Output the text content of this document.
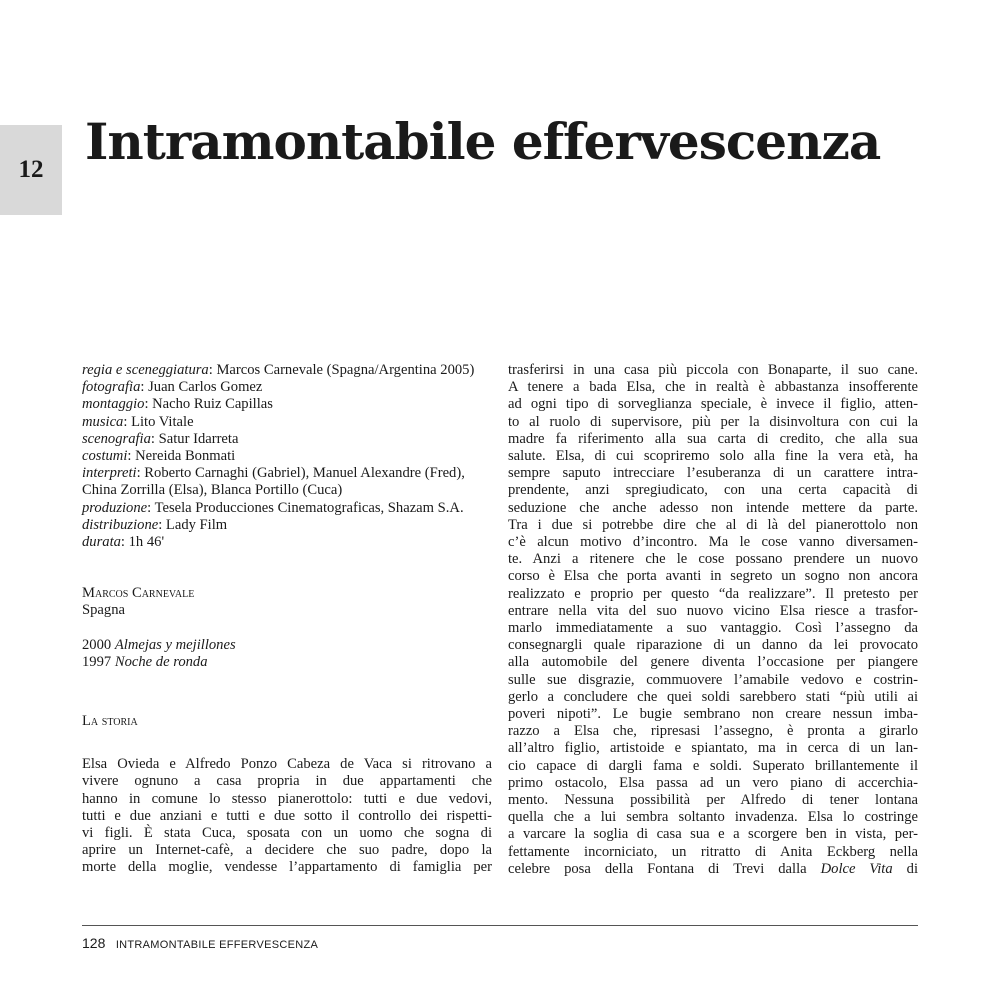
12 Intramontabile effervescenza
regia e sceneggiatura: Marcos Carnevale (Spagna/Argentina 2005)
fotografia: Juan Carlos Gomez
montaggio: Nacho Ruiz Capillas
musica: Lito Vitale
scenografia: Satur Idarreta
costumi: Nereida Bonmati
interpreti: Roberto Carnaghi (Gabriel), Manuel Alexandre (Fred),
China Zorrilla (Elsa), Blanca Portillo (Cuca)
produzione: Tesela Producciones Cinematograficas, Shazam S.A.
distribuzione: Lady Film
durata: 1h 46'
Marcos Carnevale
Spagna
2000 Almejas y mejillones
1997 Noche de ronda
La storia
Elsa Ovieda e Alfredo Ponzo Cabeza de Vaca si ritrovano a
vivere ognuno a casa propria in due appartamenti che
hanno in comune lo stesso pianerottolo: tutti e due vedovi,
tutti e due anziani e tutti e due sotto il controllo dei rispetti-
vi figli. È stata Cuca, sposata con un uomo che sogna di
aprire un Internet-cafè, a decidere che suo padre, dopo la
morte della moglie, vendesse l’appartamento di famiglia per
trasferirsi in una casa più piccola con Bonaparte, il suo cane.
A tenere a bada Elsa, che in realtà è abbastanza insofferente
ad ogni tipo di sorveglianza speciale, è invece il figlio, atten-
to al ruolo di supervisore, più per la disinvoltura con cui la
madre fa riferimento alla sua carta di credito, che alla sua
salute. Elsa, di cui scopriremo solo alla fine la vera età, ha
sempre saputo intrecciare l’esuberanza di un carattere intra-
prendente, anzi spregiudicato, con una certa capacità di
seduzione che anche adesso non intende mettere da parte.
Tra i due si potrebbe dire che al di là del pianerottolo non
c’è alcun motivo d’incontro. Ma le cose vanno diversamen-
te. Anzi a ritenere che le cose possano prendere un nuovo
corso è Elsa che porta avanti in segreto un sogno non ancora
realizzato e proprio per questo “da realizzare”. Il pretesto per
entrare nella vita del suo nuovo vicino Elsa riesce a trasfor-
marlo immediatamente a suo vantaggio. Così l’assegno da
consegnargli quale riparazione di un danno da lei provocato
alla automobile del genere diventa l’occasione per piangere
sulle sue disgrazie, commuovere l’amabile vedovo e costrin-
gerlo a concludere che quei soldi sarebbero stati “più utili ai
poveri nipoti”. Le bugie sembrano non creare nessun imba-
razzo a Elsa che, ripresasi l’assegno, è pronta a girarlo
all’altro figlio, artistoide e spiantato, ma in cerca di un lan-
cio capace di dargli fama e soldi. Superato brillantemente il
primo ostacolo, Elsa passa ad un vero piano di accerchia-
mento. Nessuna possibilità per Alfredo di tener lontana
quella che a lui sembra soltanto invadenza. Elsa lo costringe
a varcare la soglia di casa sua e a scorgere ben in vista, per-
fettamente incorniciato, un ritratto di Anita Eckberg nella
celebre posa della Fontana di Trevi dalla Dolce Vita di
128 INTRAMONTABILE EFFERVESCENZA
